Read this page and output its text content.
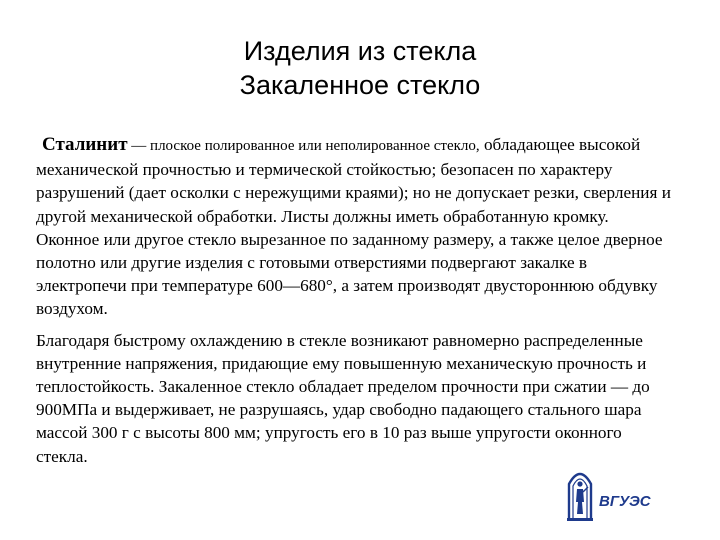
Изделия из стекла
Закаленное стекло

Сталинит — плоское полированное или неполированное стекло, обладающее высокой механической прочностью и термической стойкостью; безопасен по характеру разрушений (дает осколки с нережущими краями); но не допускает резки, сверления и другой механической обработки. Листы должны иметь обработанную кромку. Оконное или другое стекло вырезанное по заданному размеру, а также целое дверное полотно или другие изделия с готовыми отверстиями подвергают закалке в электропечи при температуре 600—680°, а затем производят двустороннюю обдувку воздухом.

Благодаря быстрому охлаждению в стекле возникают равномерно распределенные внутренние напряжения, придающие ему повышенную механическую прочность и теплостойкость. Закаленное стекло обладает пределом прочности при сжатии — до 900МПа и выдерживает, не разрушаясь, удар свободно падающего стального шара массой 300 г с высоты 800 мм; упругость его в 10 раз выше упругости оконного стекла.

ВГУЭС
